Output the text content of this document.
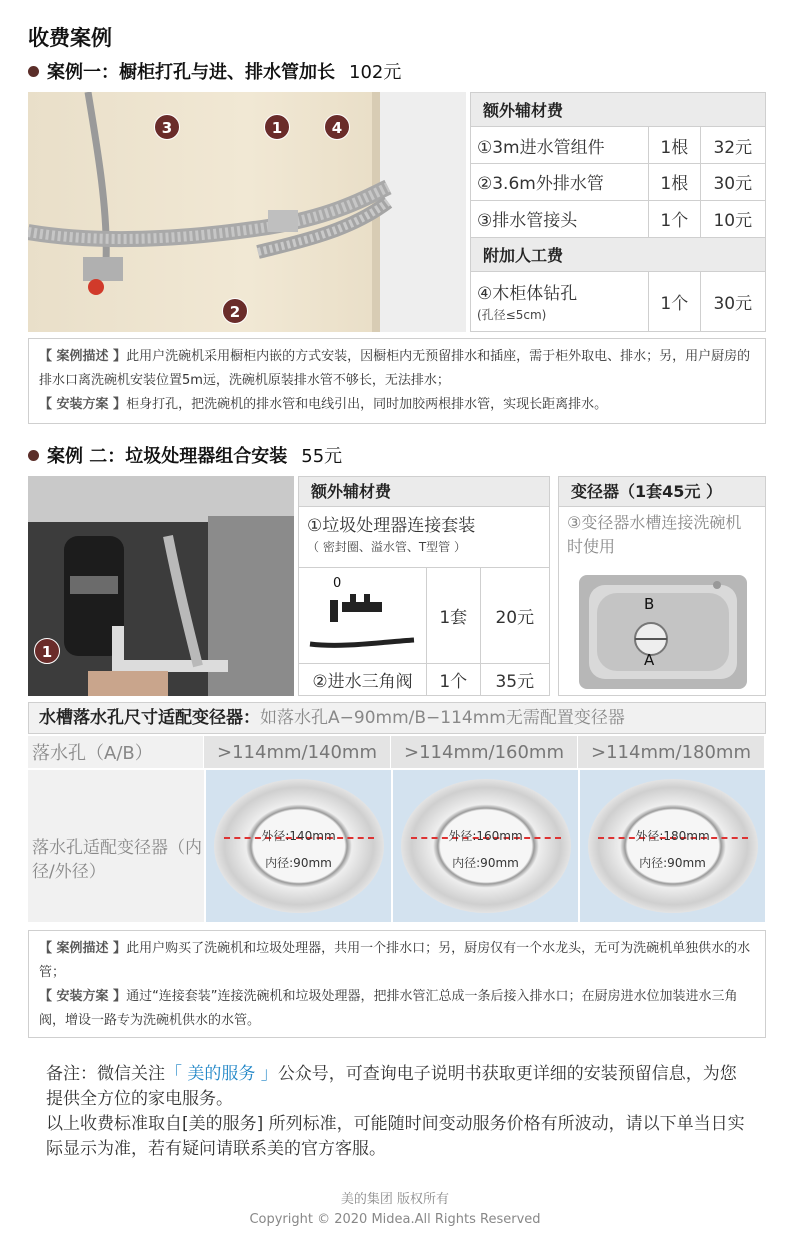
收费案例
案例一：橱柜打孔与进、排水管加长 102元
3	1	4
2
额外辅材费		
①3m进水管组件	1根	32元
②3.6m外排水管	1根	30元
③排水管接头	1个	10元
附加人工费		
④木柜体钻孔
(孔径≤5cm)	1个	30元

【 案例描述 】此用户洗碗机采用橱柜内嵌的方式安装，因橱柜内无预留排水和插座，需于柜外取电、排水；另，用户厨房的排水口离洗碗机安装位置5m远，洗碗机原装排水管不够长，无法排水；

【 安装方案 】柜身打孔，把洗碗机的排水管和电线引出，同时加胶两根排水管，实现长距离排水。

案例 二：垃圾处理器组合安装 55元
1
额外辅材费
①垃圾处理器连接套装
（ 密封圈、溢水管、T型管 ）
0
1套	20元
②进水三角阀	1个	35元
变径器（1套45元 ）
③变径器水槽连接洗碗机时使用
B
A
水槽落水孔尺寸适配变径器：如落水孔A−90mm/B−114mm无需配置变径器
落水孔（A/B）	>114mm/140mm	>114mm/160mm	>114mm/180mm
落水孔适配变径器（内径/外径）
外径:140mm
内径:90mm
外径:160mm
内径:90mm
外径:180mm
内径:90mm

【 案例描述 】此用户购买了洗碗机和垃圾处理器，共用一个排水口；另，厨房仅有一个水龙头，无可为洗碗机单独供水的水管；

【 安装方案 】通过“连接套装”连接洗碗机和垃圾处理器，把排水管汇总成一条后接入排水口；在厨房进水位加装进水三角阀，增设一路专为洗碗机供水的水管。

备注：微信关注「 美的服务 」公众号，可查询电子说明书获取更详细的安装预留信息，为您提供全方位的家电服务。

以上收费标准取自[美的服务] 所列标准，可能随时间变动服务价格有所波动，请以下单当日实际显示为准，若有疑问请联系美的官方客服。

美的集团 版权所有
Copyright © 2020 Midea.All Rights Reserved
